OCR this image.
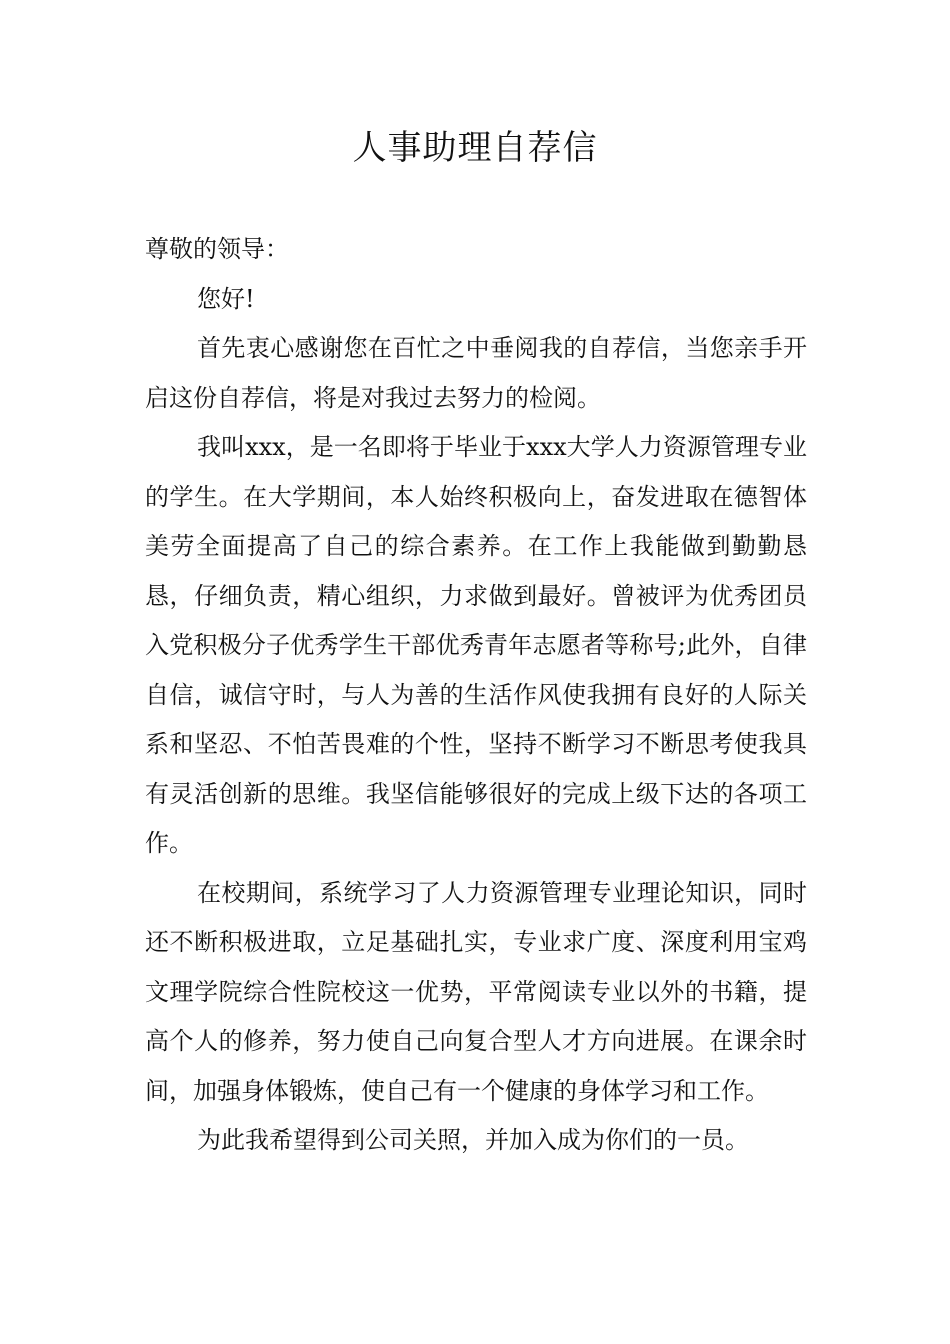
人事助理自荐信

尊敬的领导：

您好!

首先衷心感谢您在百忙之中垂阅我的自荐信，当您亲手开启这份自荐信，将是对我过去努力的检阅。

我叫xxx，是一名即将于毕业于xxx大学人力资源管理专业的学生。在大学期间，本人始终积极向上，奋发进取在德智体美劳全面提高了自己的综合素养。在工作上我能做到勤勤恳恳，仔细负责，精心组织，力求做到最好。曾被评为优秀团员入党积极分子优秀学生干部优秀青年志愿者等称号;此外，自律自信，诚信守时，与人为善的生活作风使我拥有良好的人际关系和坚忍、不怕苦畏难的个性，坚持不断学习不断思考使我具有灵活创新的思维。我坚信能够很好的完成上级下达的各项工作。

在校期间，系统学习了人力资源管理专业理论知识，同时还不断积极进取，立足基础扎实，专业求广度、深度利用宝鸡文理学院综合性院校这一优势，平常阅读专业以外的书籍，提高个人的修养，努力使自己向复合型人才方向进展。在课余时间，加强身体锻炼，使自己有一个健康的身体学习和工作。

为此我希望得到公司关照，并加入成为你们的一员。
